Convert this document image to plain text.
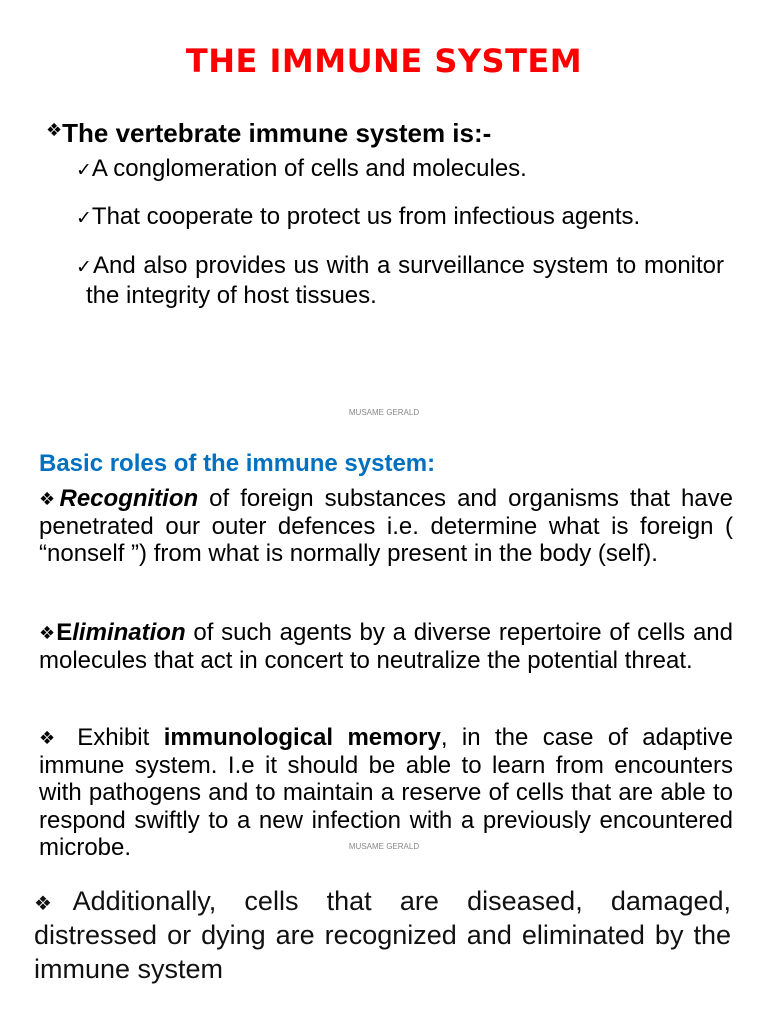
THE IMMUNE SYSTEM
❖The vertebrate immune system is:-
✓A conglomeration of cells and molecules.
✓That cooperate to protect us from infectious agents.
✓And also provides us with a surveillance system to monitor the integrity of host tissues.
MUSAME GERALD
Basic roles of the immune system:
❖Recognition of foreign substances and organisms that have penetrated our outer defences i.e. determine what is foreign ( “nonself ”) from what is normally present in the body (self).
❖Elimination of such agents by a diverse repertoire of cells and molecules that act in concert to neutralize the potential threat.
❖ Exhibit immunological memory, in the case of adaptive immune system. I.e it should be able to learn from encounters with pathogens and to maintain a reserve of cells that are able to respond swiftly to a new infection with a previously encountered microbe.	MUSAME GERALD
❖Additionally, cells that are diseased, damaged, distressed or dying are recognized and eliminated by the immune system
